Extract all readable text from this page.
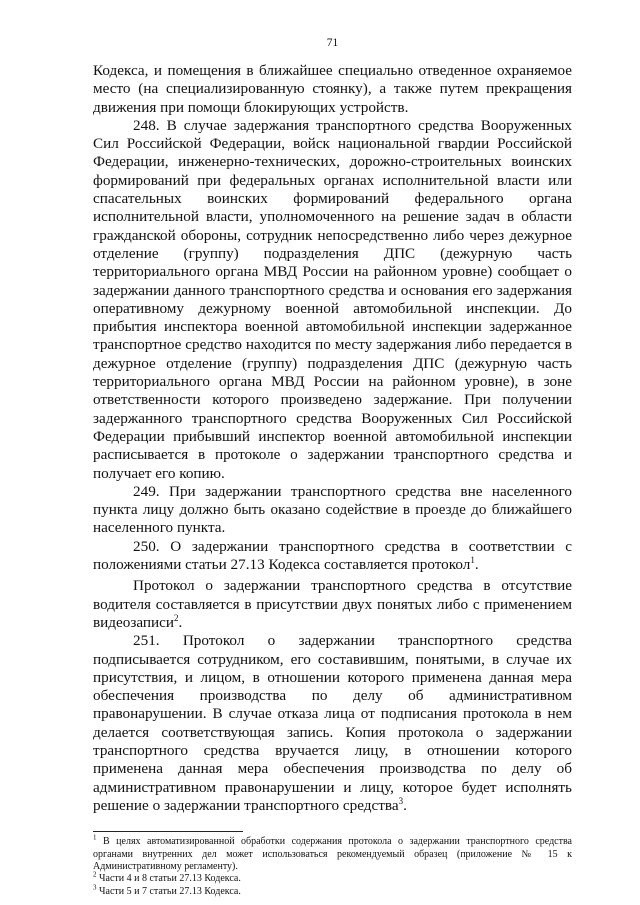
71

Кодекса, и помещения в ближайшее специально отведенное охраняемое место (на специализированную стоянку), а также путем прекращения движения при помощи блокирующих устройств.

248. В случае задержания транспортного средства Вооруженных Сил Российской Федерации, войск национальной гвардии Российской Федерации, инженерно-технических, дорожно-строительных воинских формирований при федеральных органах исполнительной власти или спасательных воинских формирований федерального органа исполнительной власти, уполномоченного на решение задач в области гражданской обороны, сотрудник непосредственно либо через дежурное отделение (группу) подразделения ДПС (дежурную часть территориального органа МВД России на районном уровне) сообщает о задержании данного транспортного средства и основания его задержания оперативному дежурному военной автомобильной инспекции. До прибытия инспектора военной автомобильной инспекции задержанное транспортное средство находится по месту задержания либо передается в дежурное отделение (группу) подразделения ДПС (дежурную часть территориального органа МВД России на районном уровне), в зоне ответственности которого произведено задержание. При получении задержанного транспортного средства Вооруженных Сил Российской Федерации прибывший инспектор военной автомобильной инспекции расписывается в протоколе о задержании транспортного средства и получает его копию.

249. При задержании транспортного средства вне населенного пункта лицу должно быть оказано содействие в проезде до ближайшего населенного пункта.

250. О задержании транспортного средства в соответствии с положениями статьи 27.13 Кодекса составляется протокол$^1$.

Протокол о задержании транспортного средства в отсутствие водителя составляется в присутствии двух понятых либо с применением видеозаписи$^2$.

251. Протокол о задержании транспортного средства подписывается сотрудником, его составившим, понятыми, в случае их присутствия, и лицом, в отношении которого применена данная мера обеспечения производства по делу об административном правонарушении. В случае отказа лица от подписания протокола в нем делается соответствующая запись. Копия протокола о задержании транспортного средства вручается лицу, в отношении которого применена данная мера обеспечения производства по делу об административном правонарушении и лицу, которое будет исполнять решение о задержании транспортного средства$^3$.

$^1$ В целях автоматизированной обработки содержания протокола о задержании транспортного средства органами внутренних дел может использоваться рекомендуемый образец (приложение № 15 к Административному регламенту).

$^2$ Части 4 и 8 статьи 27.13 Кодекса.

$^3$ Части 5 и 7 статьи 27.13 Кодекса.
